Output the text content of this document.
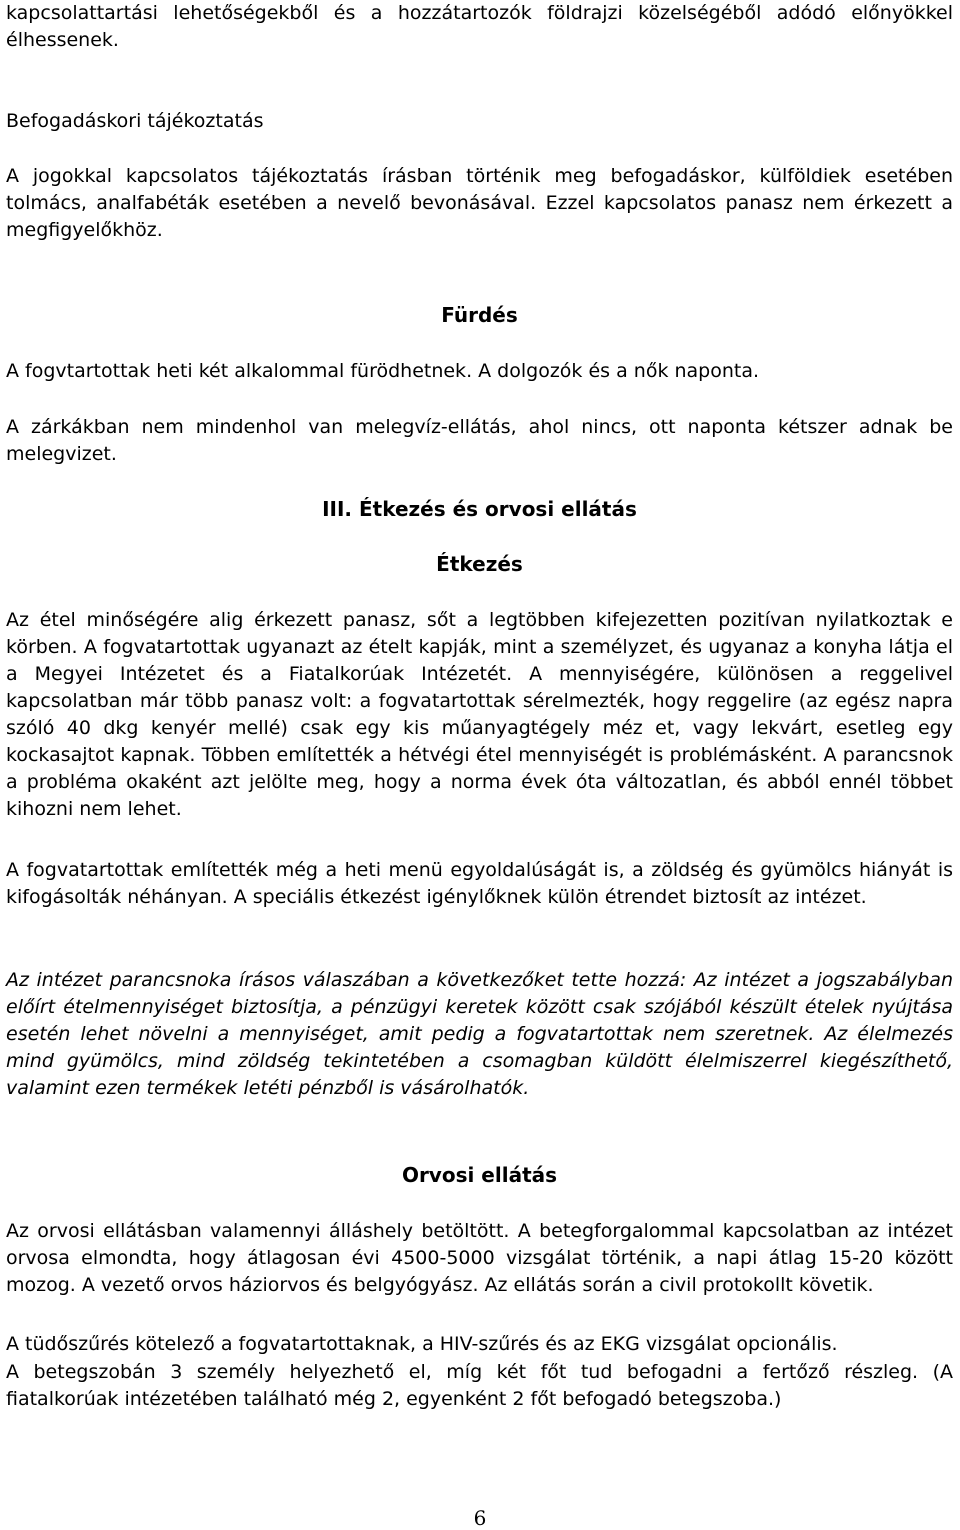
kapcsolattartási lehetőségekből és a hozzátartozók földrajzi közelségéből adódó előnyökkel élhessenek.

Befogadáskori tájékoztatás

A jogokkal kapcsolatos tájékoztatás írásban történik meg befogadáskor, külföldiek esetében tolmács, analfabéták esetében a nevelő bevonásával. Ezzel kapcsolatos panasz nem érkezett a megfigyelőkhöz.

Fürdés

A fogvtartottak heti két alkalommal fürödhetnek. A dolgozók és a nők naponta.

A zárkákban nem mindenhol van melegvíz-ellátás, ahol nincs, ott naponta kétszer adnak be melegvizet.

III. Étkezés és orvosi ellátás
Étkezés

Az étel minőségére alig érkezett panasz, sőt a legtöbben kifejezetten pozitívan nyilatkoztak e körben. A fogvatartottak ugyanazt az ételt kapják, mint a személyzet, és ugyanaz a konyha látja el a Megyei Intézetet és a Fiatalkorúak Intézetét. A mennyiségére, különösen a reggelivel kapcsolatban már több panasz volt: a fogvatartottak sérelmezték, hogy reggelire (az egész napra szóló 40 dkg kenyér mellé) csak egy kis műanyagtégely méz et, vagy lekvárt, esetleg egy kockasajtot kapnak. Többen említették a hétvégi étel mennyiségét is problémásként. A parancsnok a probléma okaként azt jelölte meg, hogy a norma évek óta változatlan, és abból ennél többet kihozni nem lehet.

A fogvatartottak említették még a heti menü egyoldalúságát is, a zöldség és gyümölcs hiányát is kifogásolták néhányan. A speciális étkezést igénylőknek külön étrendet biztosít az intézet.

Az intézet parancsnoka írásos válaszában a következőket tette hozzá: Az intézet a jogszabályban előírt ételmennyiséget biztosítja, a pénzügyi keretek között csak szójából készült ételek nyújtása esetén lehet növelni a mennyiséget, amit pedig a fogvatartottak nem szeretnek. Az élelmezés mind gyümölcs, mind zöldség tekintetében a csomagban küldött élelmiszerrel kiegészíthető, valamint ezen termékek letéti pénzből is vásárolhatók.

Orvosi ellátás

Az orvosi ellátásban valamennyi álláshely betöltött. A betegforgalommal kapcsolatban az intézet orvosa elmondta, hogy átlagosan évi 4500-5000 vizsgálat történik, a napi átlag 15-20 között mozog. A vezető orvos háziorvos és belgyógyász. Az ellátás során a civil protokollt követik.

A tüdőszűrés kötelező a fogvatartottaknak, a HIV-szűrés és az EKG vizsgálat opcionális.

A betegszobán 3 személy helyezhető el, míg két főt tud befogadni a fertőző részleg. (A fiatalkorúak intézetében található még 2, egyenként 2 főt befogadó betegszoba.)

6
